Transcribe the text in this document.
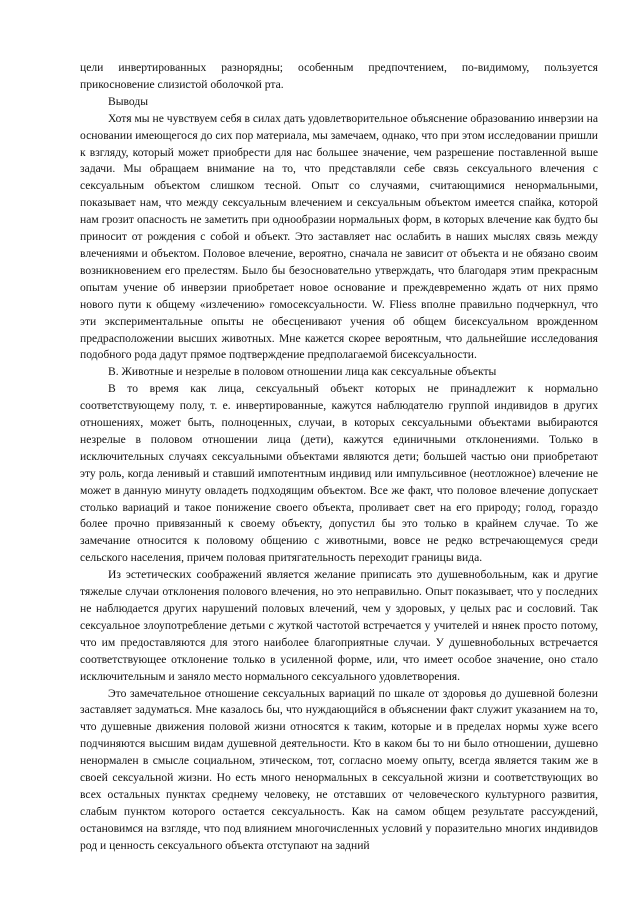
цели инвертированных разнорядны; особенным предпочтением, по-видимому, пользуется прикосновение слизистой оболочкой рта.

Выводы

Хотя мы не чувствуем себя в силах дать удовлетворительное объяснение образованию инверзии на основании имеющегося до сих пор материала, мы замечаем, однако, что при этом исследовании пришли к взгляду, который может приобрести для нас большее значение, чем разрешение поставленной выше задачи. Мы обращаем внимание на то, что представляли себе связь сексуального влечения с сексуальным объектом слишком тесной. Опыт со случаями, считающимися ненормальными, показывает нам, что между сексуальным влечением и сексуальным объектом имеется спайка, которой нам грозит опасность не заметить при однообразии нормальных форм, в которых влечение как будто бы приносит от рождения с собой и объект. Это заставляет нас ослабить в наших мыслях связь между влечениями и объектом. Половое влечение, вероятно, сначала не зависит от объекта и не обязано своим возникновением его прелестям. Было бы безосновательно утверждать, что благодаря этим прекрасным опытам учение об инверзии приобретает новое основание и преждевременно ждать от них прямо нового пути к общему «излечению» гомосексуальности. W. Fliess вполне правильно подчеркнул, что эти экспериментальные опыты не обесценивают учения об общем бисексуальном врожденном предрасположении высших животных. Мне кажется скорее вероятным, что дальнейшие исследования подобного рода дадут прямое подтверждение предполагаемой бисексуальности.

B. Животные и незрелые в половом отношении лица как сексуальные объекты

В то время как лица, сексуальный объект которых не принадлежит к нормально соответствующему полу, т. е. инвертированные, кажутся наблюдателю группой индивидов в других отношениях, может быть, полноценных, случаи, в которых сексуальными объектами выбираются незрелые в половом отношении лица (дети), кажутся единичными отклонениями. Только в исключительных случаях сексуальными объектами являются дети; большей частью они приобретают эту роль, когда ленивый и ставший импотентным индивид или импульсивное (неотложное) влечение не может в данную минуту овладеть подходящим объектом. Все же факт, что половое влечение допускает столько вариаций и такое понижение своего объекта, проливает свет на его природу; голод, гораздо более прочно привязанный к своему объекту, допустил бы это только в крайнем случае. То же замечание относится к половому общению с животными, вовсе не редко встречающемуся среди сельского населения, причем половая притягательность переходит границы вида.

Из эстетических соображений является желание приписать это душевнобольным, как и другие тяжелые случаи отклонения полового влечения, но это неправильно. Опыт показывает, что у последних не наблюдается других нарушений половых влечений, чем у здоровых, у целых рас и сословий. Так сексуальное злоупотребление детьми с жуткой частотой встречается у учителей и нянек просто потому, что им предоставляются для этого наиболее благоприятные случаи. У душевнобольных встречается соответствующее отклонение только в усиленной форме, или, что имеет особое значение, оно стало исключительным и заняло место нормального сексуального удовлетворения.

Это замечательное отношение сексуальных вариаций по шкале от здоровья до душевной болезни заставляет задуматься. Мне казалось бы, что нуждающийся в объяснении факт служит указанием на то, что душевные движения половой жизни относятся к таким, которые и в пределах нормы хуже всего подчиняются высшим видам душевной деятельности. Кто в каком бы то ни было отношении, душевно ненормален в смысле социальном, этическом, тот, согласно моему опыту, всегда является таким же в своей сексуальной жизни. Но есть много ненормальных в сексуальной жизни и соответствующих во всех остальных пунктах среднему человеку, не отставших от человеческого культурного развития, слабым пунктом которого остается сексуальность. Как на самом общем результате рассуждений, остановимся на взгляде, что под влиянием многочисленных условий у поразительно многих индивидов род и ценность сексуального объекта отступают на задний
